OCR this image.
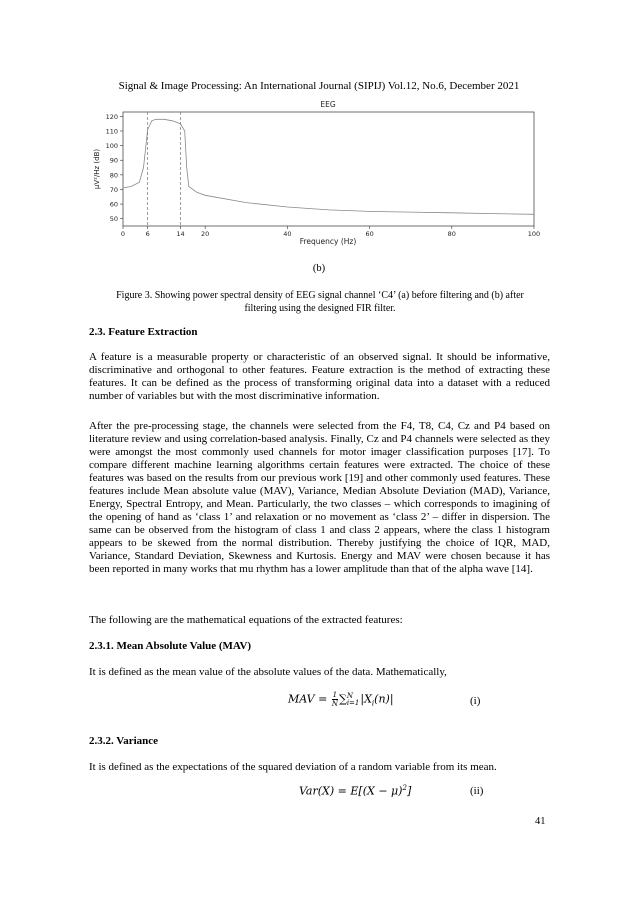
Signal & Image Processing: An International Journal (SIPIJ) Vol.12, No.6, December 2021
EEG
50
60
70
80
90
100
110
120
0	6	14	20	40	60	80	100
Frequency (Hz)
µV²/Hz (dB)
(b)
Figure 3. Showing power spectral density of EEG signal channel ‘C4’ (a) before filtering and (b) after
filtering using the designed FIR filter.
2.3. Feature Extraction
A feature is a measurable property or characteristic of an observed signal. It should be informative, discriminative and orthogonal to other features. Feature extraction is the method of extracting these features. It can be defined as the process of transforming original data into a dataset with a reduced number of variables but with the most discriminative information.
After the pre-processing stage, the channels were selected from the F4, T8, C4, Cz and P4 based on literature review and using correlation-based analysis. Finally, Cz and P4 channels were selected as they were amongst the most commonly used channels for motor imager classification purposes [17]. To compare different machine learning algorithms certain features were extracted. The choice of these features was based on the results from our previous work [19] and other commonly used features. These features include Mean absolute value (MAV), Variance, Median Absolute Deviation (MAD), Variance, Energy, Spectral Entropy, and Mean. Particularly, the two classes – which corresponds to imagining of the opening of hand as ‘class 1’ and relaxation or no movement as ‘class 2’ – differ in dispersion. The same can be observed from the histogram of class 1 and class 2 appears, where the class 1 histogram appears to be skewed from the normal distribution. Thereby justifying the choice of IQR, MAD, Variance, Standard Deviation, Skewness and Kurtosis. Energy and MAV were chosen because it has been reported in many works that mu rhythm has a lower amplitude than that of the alpha wave [14].
The following are the mathematical equations of the extracted features:
2.3.1. Mean Absolute Value (MAV)
It is defined as the mean value of the absolute values of the data. Mathematically,
MAV = $\frac{1}{N}$ ∑ N
i=1 $|X_i(n)|$	(i)
2.3.2. Variance
It is defined as the expectations of the squared deviation of a random variable from its mean.
$Var(X) = E[(X - \mu)^2]$	(ii)
41
